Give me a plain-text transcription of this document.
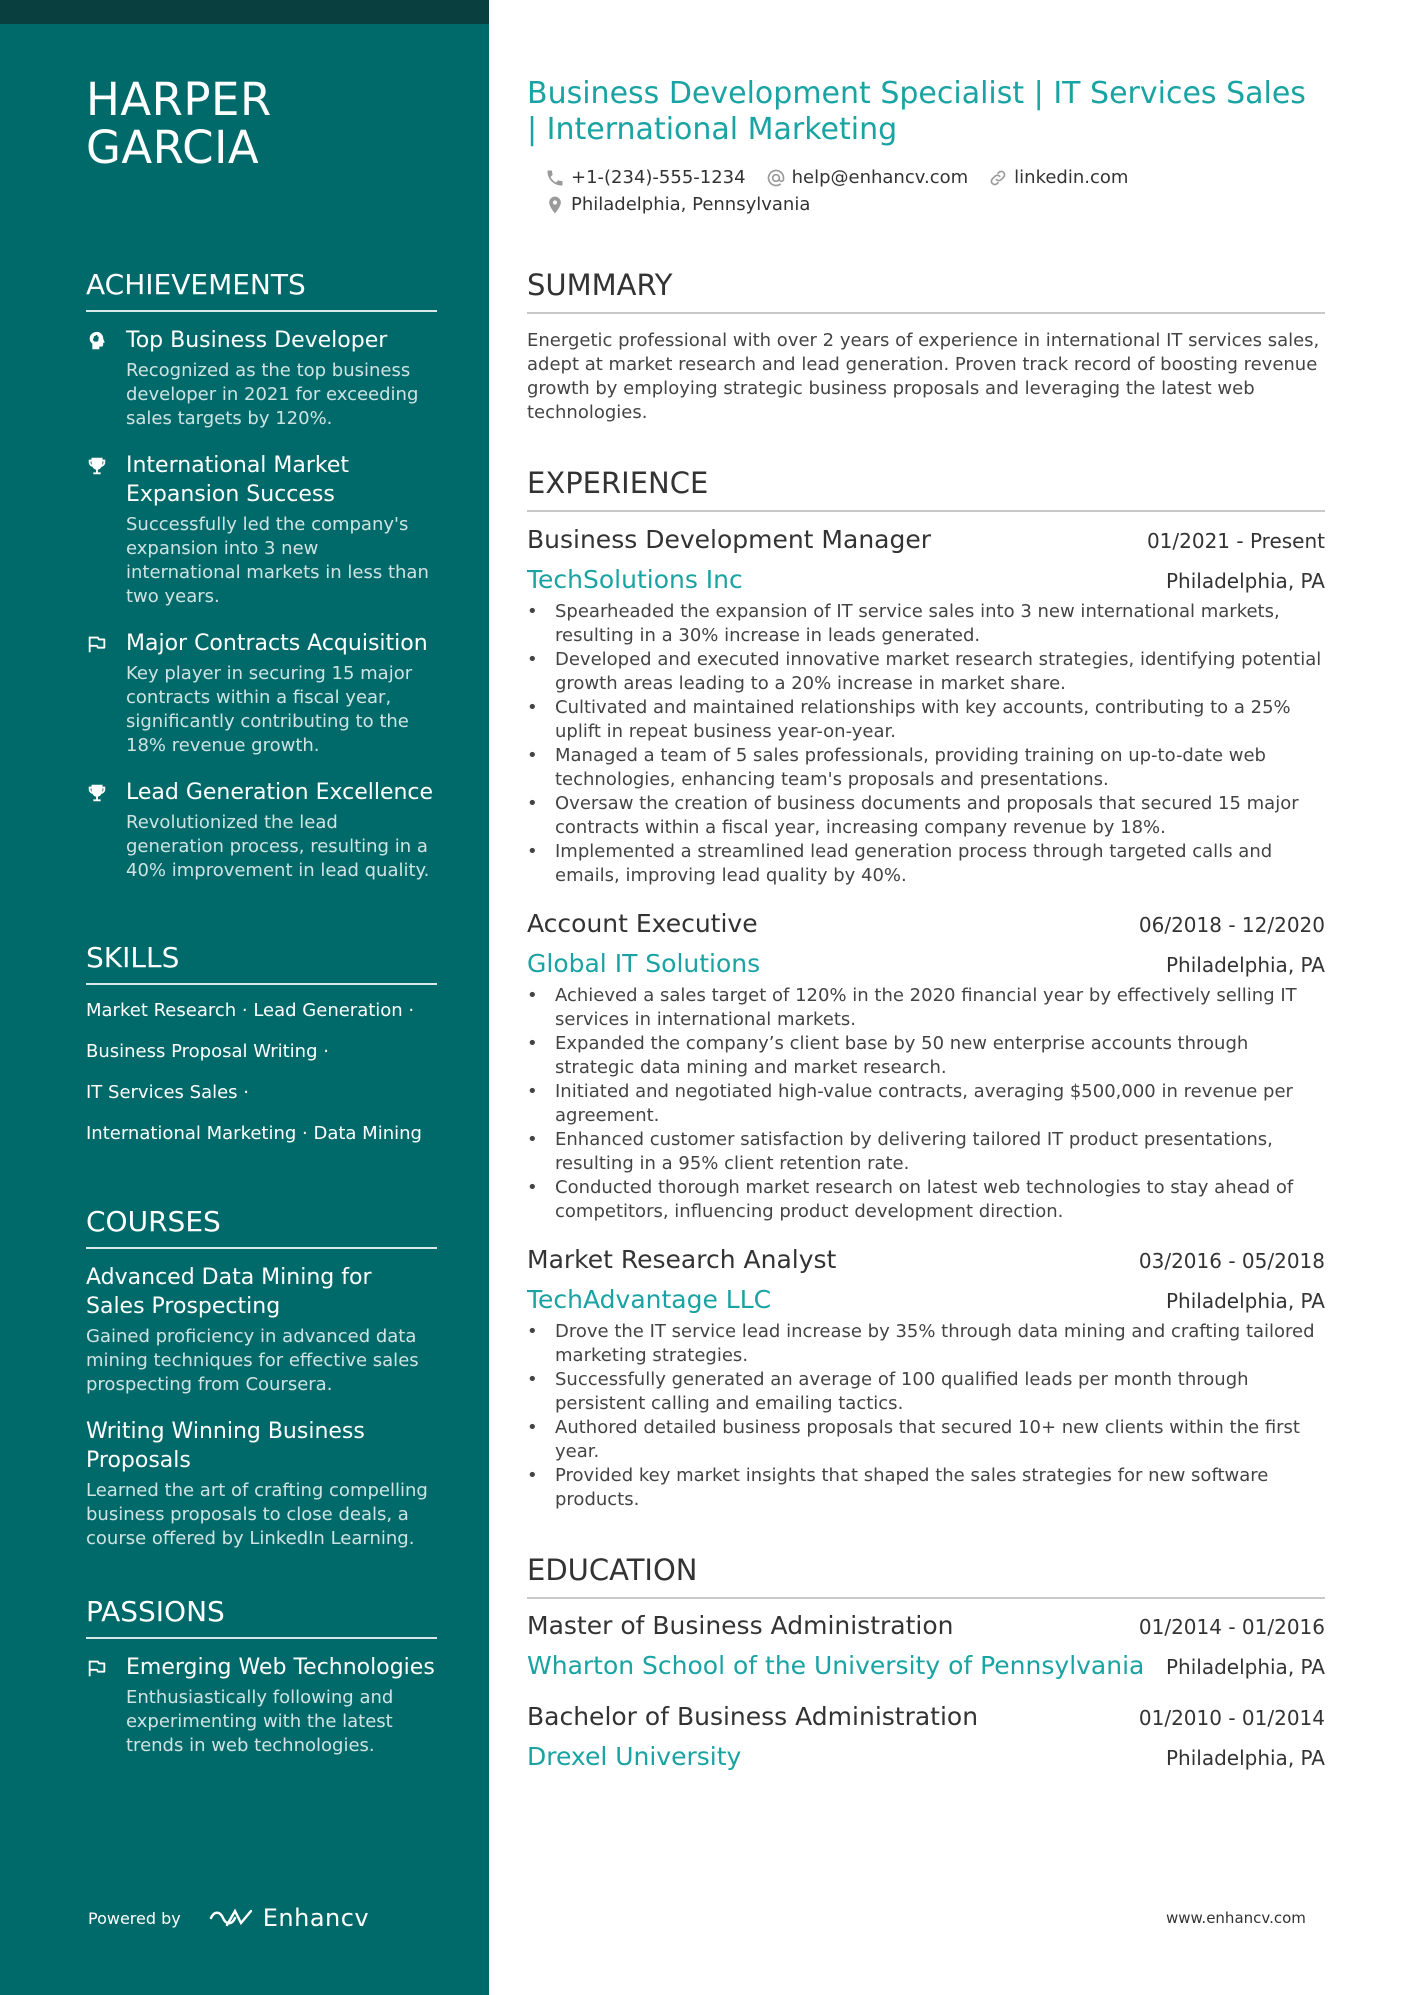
HARPER
GARCIA
ACHIEVEMENTS
Top Business Developer
Recognized as the top business developer in 2021 for exceeding sales targets by 120%.
International Market Expansion Success
Successfully led the company's expansion into 3 new international markets in less than two years.
Major Contracts Acquisition
Key player in securing 15 major contracts within a fiscal year, significantly contributing to the 18% revenue growth.
Lead Generation Excellence
Revolutionized the lead generation process, resulting in a 40% improvement in lead quality.
SKILLS
Market Research · Lead Generation ·
Business Proposal Writing ·
IT Services Sales ·
International Marketing · Data Mining
COURSES
Advanced Data Mining for Sales Prospecting
Gained proficiency in advanced data mining techniques for effective sales prospecting from Coursera.
Writing Winning Business Proposals
Learned the art of crafting compelling business proposals to close deals, a course offered by LinkedIn Learning.
PASSIONS
Emerging Web Technologies
Enthusiastically following and experimenting with the latest trends in web technologies.
Powered by	Enhancv
Business Development Specialist | IT Services Sales | International Marketing
+1-(234)-555-1234	help@enhancv.com	linkedin.com
Philadelphia, Pennsylvania
SUMMARY
Energetic professional with over 2 years of experience in international IT services sales, adept at market research and lead generation. Proven track record of boosting revenue growth by employing strategic business proposals and leveraging the latest web technologies.
EXPERIENCE
Business Development Manager	01/2021 - Present
TechSolutions Inc	Philadelphia, PA
• Spearheaded the expansion of IT service sales into 3 new international markets, resulting in a 30% increase in leads generated.
• Developed and executed innovative market research strategies, identifying potential growth areas leading to a 20% increase in market share.
• Cultivated and maintained relationships with key accounts, contributing to a 25% uplift in repeat business year-on-year.
• Managed a team of 5 sales professionals, providing training on up-to-date web technologies, enhancing team's proposals and presentations.
• Oversaw the creation of business documents and proposals that secured 15 major contracts within a fiscal year, increasing company revenue by 18%.
• Implemented a streamlined lead generation process through targeted calls and emails, improving lead quality by 40%.
Account Executive	06/2018 - 12/2020
Global IT Solutions	Philadelphia, PA
• Achieved a sales target of 120% in the 2020 financial year by effectively selling IT services in international markets.
• Expanded the company’s client base by 50 new enterprise accounts through strategic data mining and market research.
• Initiated and negotiated high-value contracts, averaging $500,000 in revenue per agreement.
• Enhanced customer satisfaction by delivering tailored IT product presentations, resulting in a 95% client retention rate.
• Conducted thorough market research on latest web technologies to stay ahead of competitors, influencing product development direction.
Market Research Analyst	03/2016 - 05/2018
TechAdvantage LLC	Philadelphia, PA
• Drove the IT service lead increase by 35% through data mining and crafting tailored marketing strategies.
• Successfully generated an average of 100 qualified leads per month through persistent calling and emailing tactics.
• Authored detailed business proposals that secured 10+ new clients within the first year.
• Provided key market insights that shaped the sales strategies for new software products.
EDUCATION
Master of Business Administration	01/2014 - 01/2016
Wharton School of the University of Pennsylvania Philadelphia, PA
Bachelor of Business Administration	01/2010 - 01/2014
Drexel University	Philadelphia, PA
www.enhancv.com
